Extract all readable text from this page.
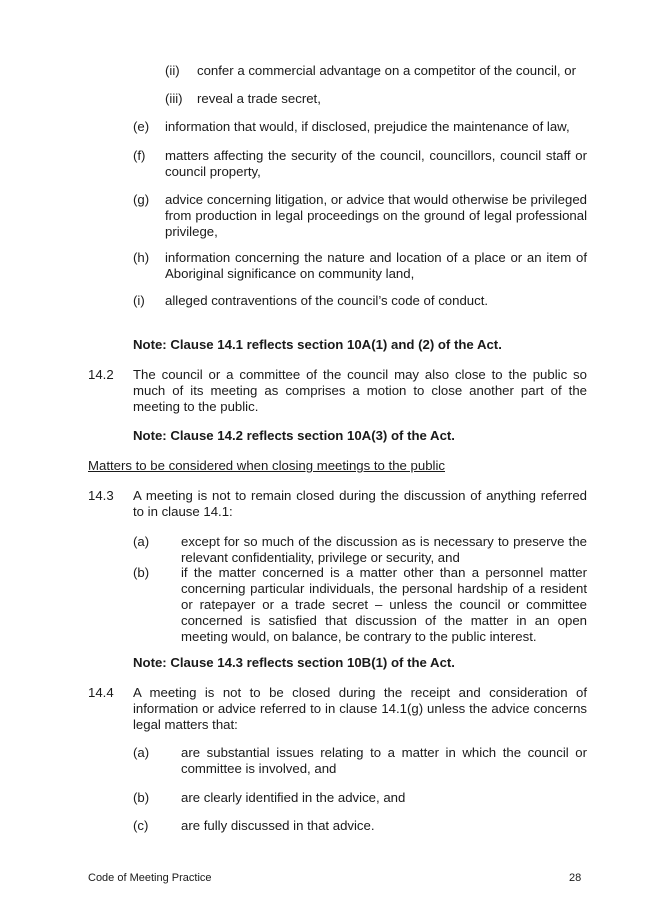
(ii) confer a commercial advantage on a competitor of the council, or
(iii) reveal a trade secret,
(e) information that would, if disclosed, prejudice the maintenance of law,
(f) matters affecting the security of the council, councillors, council staff or council property,
(g) advice concerning litigation, or advice that would otherwise be privileged from production in legal proceedings on the ground of legal professional privilege,
(h) information concerning the nature and location of a place or an item of Aboriginal significance on community land,
(i) alleged contraventions of the council’s code of conduct.
Note: Clause 14.1 reflects section 10A(1) and (2) of the Act.
14.2 The council or a committee of the council may also close to the public so much of its meeting as comprises a motion to close another part of the meeting to the public.
Note: Clause 14.2 reflects section 10A(3) of the Act.
Matters to be considered when closing meetings to the public
14.3 A meeting is not to remain closed during the discussion of anything referred to in clause 14.1:
(a) except for so much of the discussion as is necessary to preserve the relevant confidentiality, privilege or security, and
(b) if the matter concerned is a matter other than a personnel matter concerning particular individuals, the personal hardship of a resident or ratepayer or a trade secret – unless the council or committee concerned is satisfied that discussion of the matter in an open meeting would, on balance, be contrary to the public interest.
Note: Clause 14.3 reflects section 10B(1) of the Act.
14.4 A meeting is not to be closed during the receipt and consideration of information or advice referred to in clause 14.1(g) unless the advice concerns legal matters that:
(a) are substantial issues relating to a matter in which the council or committee is involved, and
(b) are clearly identified in the advice, and
(c) are fully discussed in that advice.
Code of Meeting Practice	28
